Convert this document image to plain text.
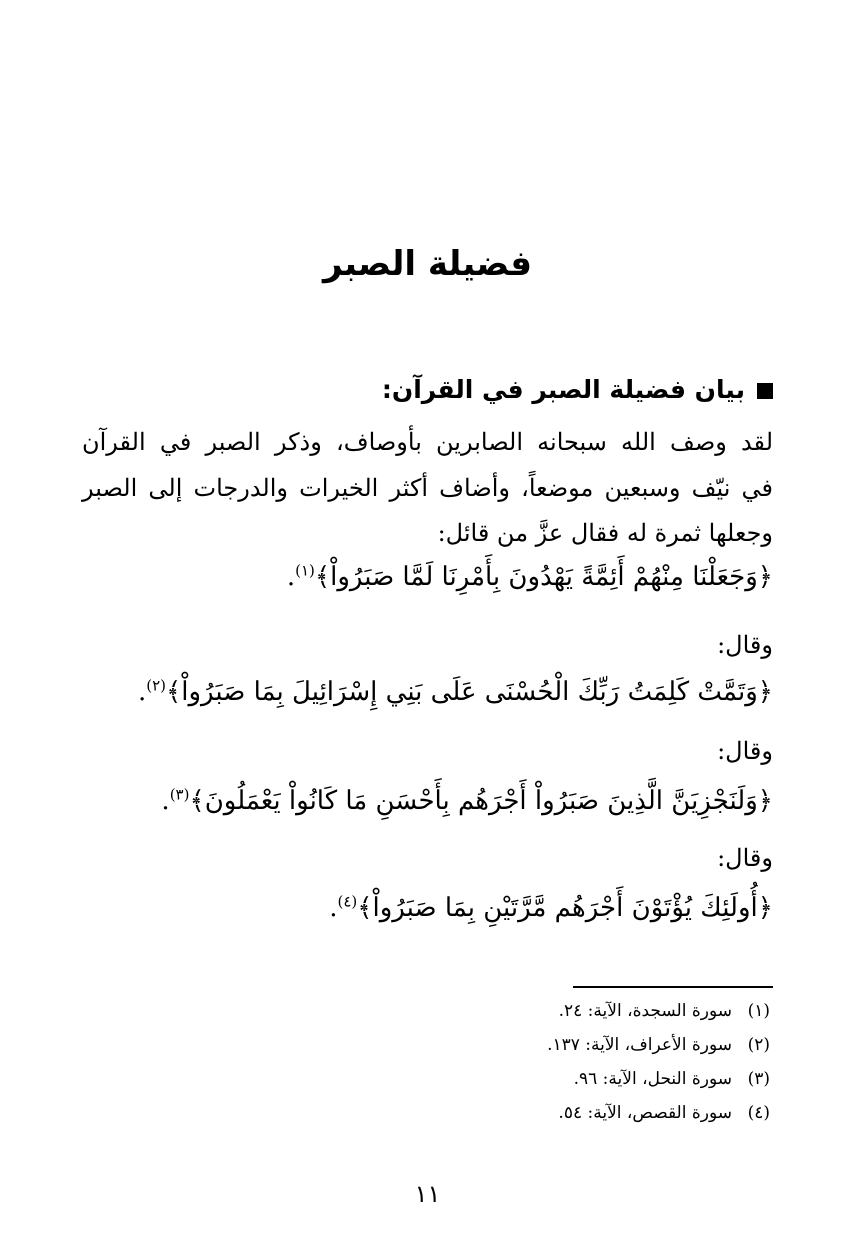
فضيلة الصبر
بيان فضيلة الصبر في القرآن:
لقد وصف الله سبحانه الصابرين بأوصاف، وذكر الصبر في القرآن
في نيّف وسبعين موضعاً، وأضاف أكثر الخيرات والدرجات إلى الصبر
وجعلها ثمرة له فقال عزَّ من قائل:
﴿وَجَعَلْنَا مِنْهُمْ أَئِمَّةً يَهْدُونَ بِأَمْرِنَا لَمَّا صَبَرُواْ﴾$^{(١)}$.
وقال:
﴿وَتَمَّتْ كَلِمَتُ رَبِّكَ الْحُسْنَى عَلَى بَنِي إِسْرَائِيلَ بِمَا صَبَرُواْ﴾$^{(٢)}$.
وقال:
﴿وَلَنَجْزِيَنَّ الَّذِينَ صَبَرُواْ أَجْرَهُم بِأَحْسَنِ مَا كَانُواْ يَعْمَلُونَ﴾$^{(٣)}$.
وقال:
﴿أُولَئِكَ يُؤْتَوْنَ أَجْرَهُم مَّرَّتَيْنِ بِمَا صَبَرُواْ﴾$^{(٤)}$.
(١)سورة السجدة، الآية: ٢٤.
(٢)سورة الأعراف، الآية: ١٣٧.
(٣)سورة النحل، الآية: ٩٦.
(٤)سورة القصص، الآية: ٥٤.
١١
